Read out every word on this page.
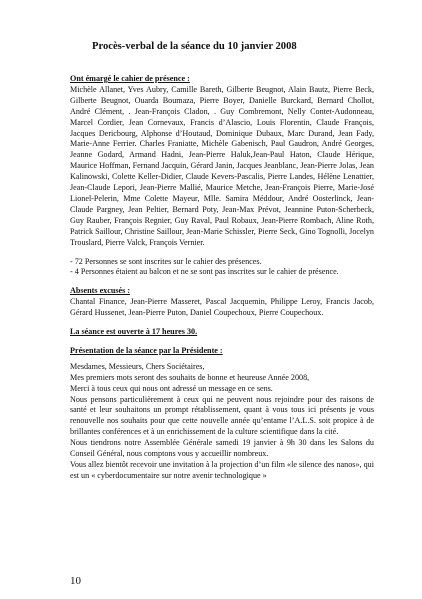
Procès-verbal de la séance du 10 janvier 2008

Ont émargé le cahier de présence :

Michèle Allanet, Yves Aubry, Camille Bareth, Gilberte Beugnot, Alain Bautz, Pierre Beck, Gilberte Beugnot, Ouarda Boumaza, Pierre Boyer, Danielle Burckard, Bernard Chollot, André Clément, . Jean-François Cladon, . Guy Combremont, Nelly Contet-Audonneau, Marcel Cordier, Jean Cornevaux, Francis d’Alascio, Louis Florentin, Claude François, Jacques Dericbourg, Alphonse d’Houtaud, Dominique Dubaux, Marc Durand, Jean Fady, Marie-Anne Ferrier. Charles Franiatte, Michèle Gabenisch, Paul Gaudron, André Georges, Jeanne Godard, Armand Hadni, Jean-Pierre Haluk,Jean-Paul Haton, Claude Hérique, Maurice Hoffman, Fernand Jacquin, Gérard Janin, Jacques Jeanblanc, Jean-Pierre Jolas, Jean Kalinowski, Colette Keller-Didier, Claude Kevers-Pascalis, Pierre Landes, Hélène Lenattier, Jean-Claude Lepori, Jean-Pierre Mallié, Maurice Metche, Jean-François Pierre, Marie-José Lionel-Pelerin, Mme Colette Mayeur, Mlle. Samira Méddour, André Oosterlinck, Jean-Claude Pargney, Jean Peltier, Bernard Poty, Jean-Max Prévot, Jeannine Puton-Scherbeck, Guy Rauber, François Regnier, Guy Raval, Paul Robaux, Jean-Pierre Rombach, Aline Roth, Patrick Saillour, Christine Saillour, Jean-Marie Schissler, Pierre Seck, Gino Tognolli, Jocelyn Trouslard, Pierre Valck, François Vernier.

- 72 Personnes se sont inscrites sur le cahier des présences.

- 4 Personnes étaient au balcon et ne se sont pas inscrites sur le cahier de présence.

Absents excusés :

Chantal Finance, Jean-Pierre Masseret, Pascal Jacquemin, Philippe Leroy, Francis Jacob, Gérard Hussenet, Jean-Pierre Puton, Daniel Coupechoux, Pierre Coupechoux.

La séance est ouverte à 17 heures 30.

Présentation de la séance par la Présidente :

Mesdames, Messieurs, Chers Sociétaires,

Mes premiers mots seront des souhaits de bonne et heureuse Année 2008,

Merci à tous ceux qui nous ont adressé un message en ce sens.

Nous pensons particulièrement à ceux qui ne peuvent nous rejoindre pour des raisons de santé et leur souhaitons un prompt rétablissement, quant à vous tous ici présents je vous renouvelle nos souhaits pour que cette nouvelle année qu’entame l’A.L.S. soit propice à de brillantes conférences et à un enrichissement de la culture scientifique dans la cité.

Nous tiendrons notre Assemblée Générale samedi 19 janvier à 9h 30 dans les Salons du Conseil Général, nous comptons vous y accueillir nombreux.

Vous allez bientôt recevoir une invitation à la projection d’un film «le silence des nanos», qui est un « cyberdocumentaire sur notre avenir technologique »

10
